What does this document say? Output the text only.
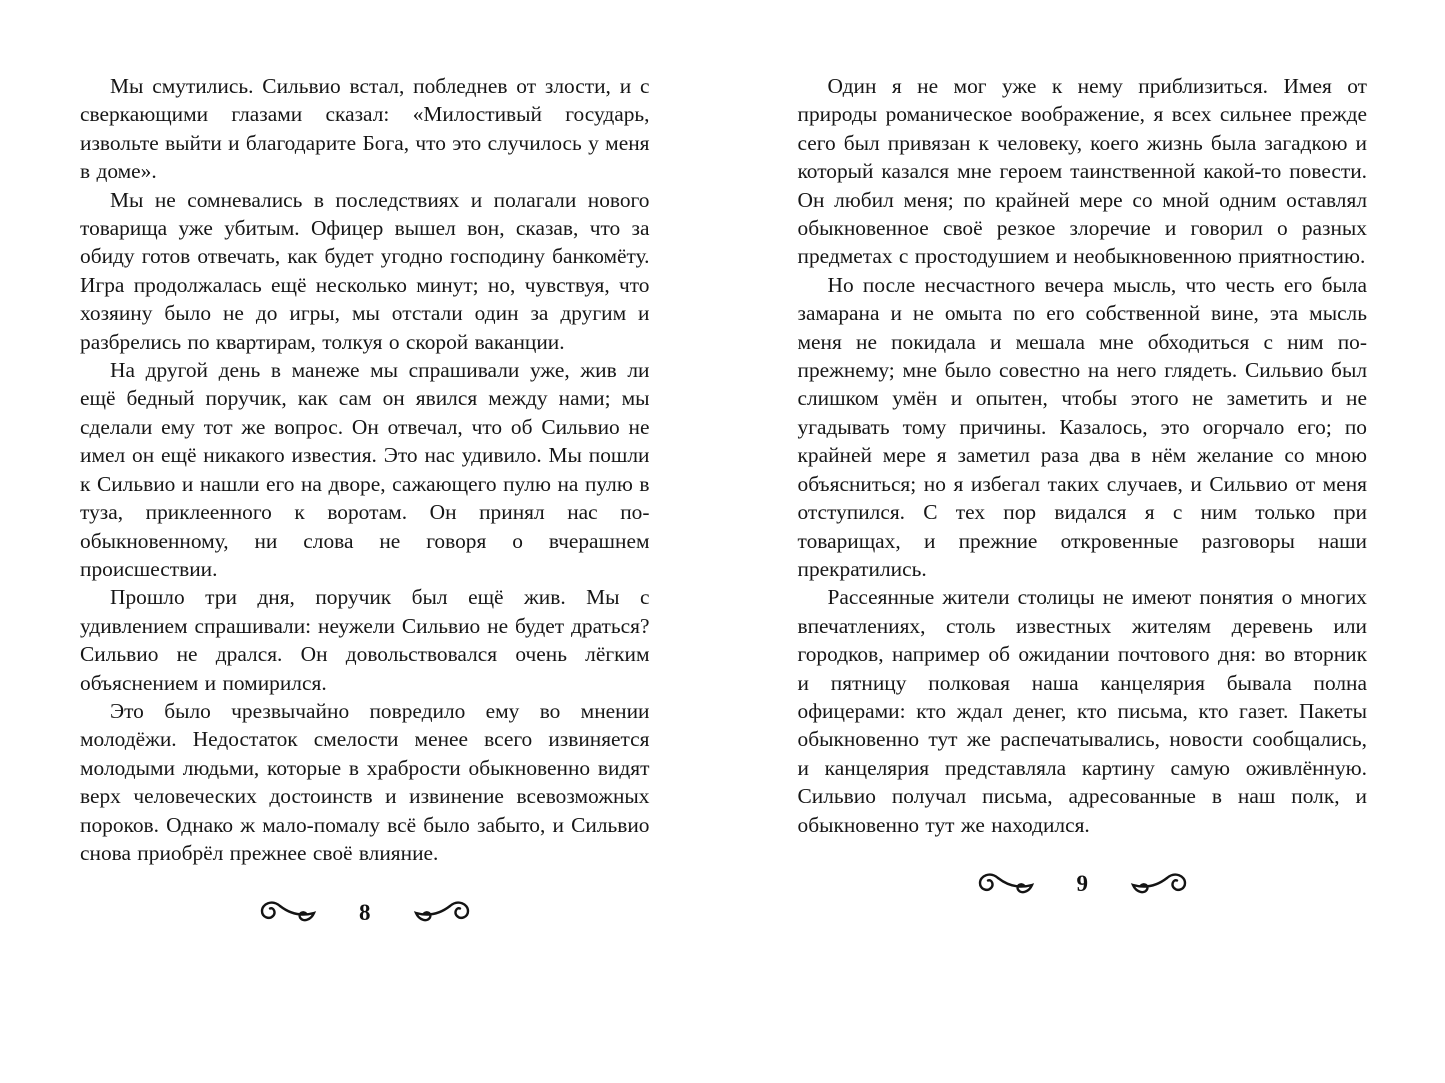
Мы смутились. Сильвио встал, побледнев от злости, и с сверкающими глазами сказал: «Милостивый государь, извольте выйти и благодарите Бога, что это случилось у меня в доме».

Мы не сомневались в последствиях и полагали нового товарища уже убитым. Офицер вышел вон, сказав, что за обиду готов отвечать, как будет угодно господину банкомёту. Игра продолжалась ещё несколько минут; но, чувствуя, что хозяину было не до игры, мы отстали один за другим и разбрелись по квартирам, толкуя о скорой ваканции.

На другой день в манеже мы спрашивали уже, жив ли ещё бедный поручик, как сам он явился между нами; мы сделали ему тот же вопрос. Он отвечал, что об Сильвио не имел он ещё никакого известия. Это нас удивило. Мы пошли к Сильвио и нашли его на дворе, сажающего пулю на пулю в туза, приклеенного к воротам. Он принял нас по-обыкновенному, ни слова не говоря о вчерашнем происшествии.

Прошло три дня, поручик был ещё жив. Мы с удивлением спрашивали: неужели Сильвио не будет драться? Сильвио не дрался. Он довольствовался очень лёгким объяснением и помирился.

Это было чрезвычайно повредило ему во мнении молодёжи. Недостаток смелости менее всего извиняется молодыми людьми, которые в храбрости обыкновенно видят верх человеческих достоинств и извинение всевозможных пороков. Однако ж мало-помалу всё было забыто, и Сильвио снова приобрёл прежнее своё влияние.

8

Один я не мог уже к нему приблизиться. Имея от природы романическое воображение, я всех сильнее прежде сего был привязан к человеку, коего жизнь была загадкою и который казался мне героем таинственной какой-то повести. Он любил меня; по крайней мере со мной одним оставлял обыкновенное своё резкое злоречие и говорил о разных предметах с простодушием и необыкновенною приятностию.

Но после несчастного вечера мысль, что честь его была замарана и не омыта по его собственной вине, эта мысль меня не покидала и мешала мне обходиться с ним по-прежнему; мне было совестно на него глядеть. Сильвио был слишком умён и опытен, чтобы этого не заметить и не угадывать тому причины. Казалось, это огорчало его; по крайней мере я заметил раза два в нём желание со мною объясниться; но я избегал таких случаев, и Сильвио от меня отступился. С тех пор видался я с ним только при товарищах, и прежние откровенные разговоры наши прекратились.

Рассеянные жители столицы не имеют понятия о многих впечатлениях, столь известных жителям деревень или городков, например об ожидании почтового дня: во вторник и пятницу полковая наша канцелярия бывала полна офицерами: кто ждал денег, кто письма, кто газет. Пакеты обыкновенно тут же распечатывались, новости сообщались, и канцелярия представляла картину самую оживлённую. Сильвио получал письма, адресованные в наш полк, и обыкновенно тут же находился.

9
